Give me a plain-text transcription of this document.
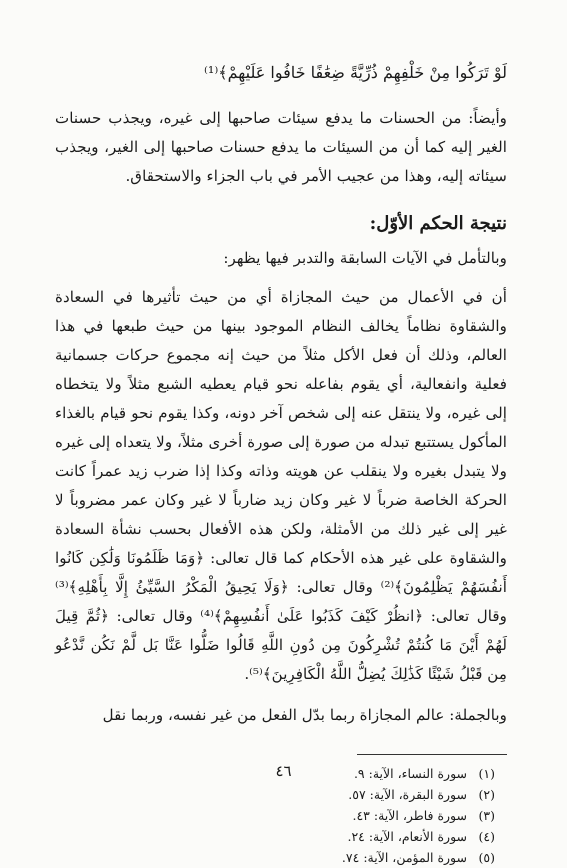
لَوْ تَرَكُوا مِنْ خَلْفِهِمْ ذُرِّيَّةً ضِعَٰفًا خَافُوا عَلَيْهِمْ﴾⁽¹⁾

وأيضاً: من الحسنات ما يدفع سيئات صاحبها إلى غيره، ويجذب حسنات الغير إليه كما أن من السيئات ما يدفع حسنات صاحبها إلى الغير، ويجذب سيئاته إليه، وهذا من عجيب الأمر في باب الجزاء والاستحقاق.

نتيجة الحكم الأوّل:
وبالتأمل في الآيات السابقة والتدبر فيها يظهر:

أن في الأعمال من حيث المجازاة أي من حيث تأثيرها في السعادة والشقاوة نظاماً يخالف النظام الموجود بينها من حيث طبعها في هذا العالم، وذلك أن فعل الأكل مثلاً من حيث إنه مجموع حركات جسمانية فعلية وانفعالية، أي يقوم بفاعله نحو قيام يعطيه الشبع مثلاً ولا يتخطاه إلى غيره، ولا ينتقل عنه إلى شخص آخر دونه، وكذا يقوم نحو قيام بالغذاء المأكول يستتبع تبدله من صورة إلى صورة أخرى مثلاً، ولا يتعداه إلى غيره ولا يتبدل بغيره ولا ينقلب عن هويته وذاته وكذا إذا ضرب زيد عمراً كانت الحركة الخاصة ضرباً لا غير وكان زيد ضارباً لا غير وكان عمر مضروباً لا غير إلى غير ذلك من الأمثلة، ولكن هذه الأفعال بحسب نشأة السعادة والشقاوة على غير هذه الأحكام كما قال تعالى: ﴿وَمَا ظَلَمُونَا وَلَٰكِن كَانُوا أَنفُسَهُمْ يَظْلِمُونَ﴾⁽²⁾ وقال تعالى: ﴿وَلَا يَحِيقُ الْمَكْرُ السَّيِّئُ إِلَّا بِأَهْلِهِ﴾⁽³⁾ وقال تعالى: ﴿انظُرْ كَيْفَ كَذَبُوا عَلَىٰ أَنفُسِهِمْ﴾⁽⁴⁾ وقال تعالى: ﴿ثُمَّ قِيلَ لَهُمْ أَيْنَ مَا كُنتُمْ تُشْرِكُونَ مِن دُونِ اللَّهِ قَالُوا ضَلُّوا عَنَّا بَل لَّمْ نَكُن نَّدْعُو مِن قَبْلُ شَيْئًا كَذَٰلِكَ يُضِلُّ اللَّهُ الْكَافِرِينَ﴾⁽⁵⁾.

وبالجملة: عالم المجازاة ربما بدّل الفعل من غير نفسه، وربما نقل

(١)سورة النساء، الآية: ٩.
(٢)سورة البقرة، الآية: ٥٧.
(٣)سورة فاطر، الآية: ٤٣.
(٤)سورة الأنعام، الآية: ٢٤.
(٥)سورة المؤمن، الآية: ٧٤.
٤٦
